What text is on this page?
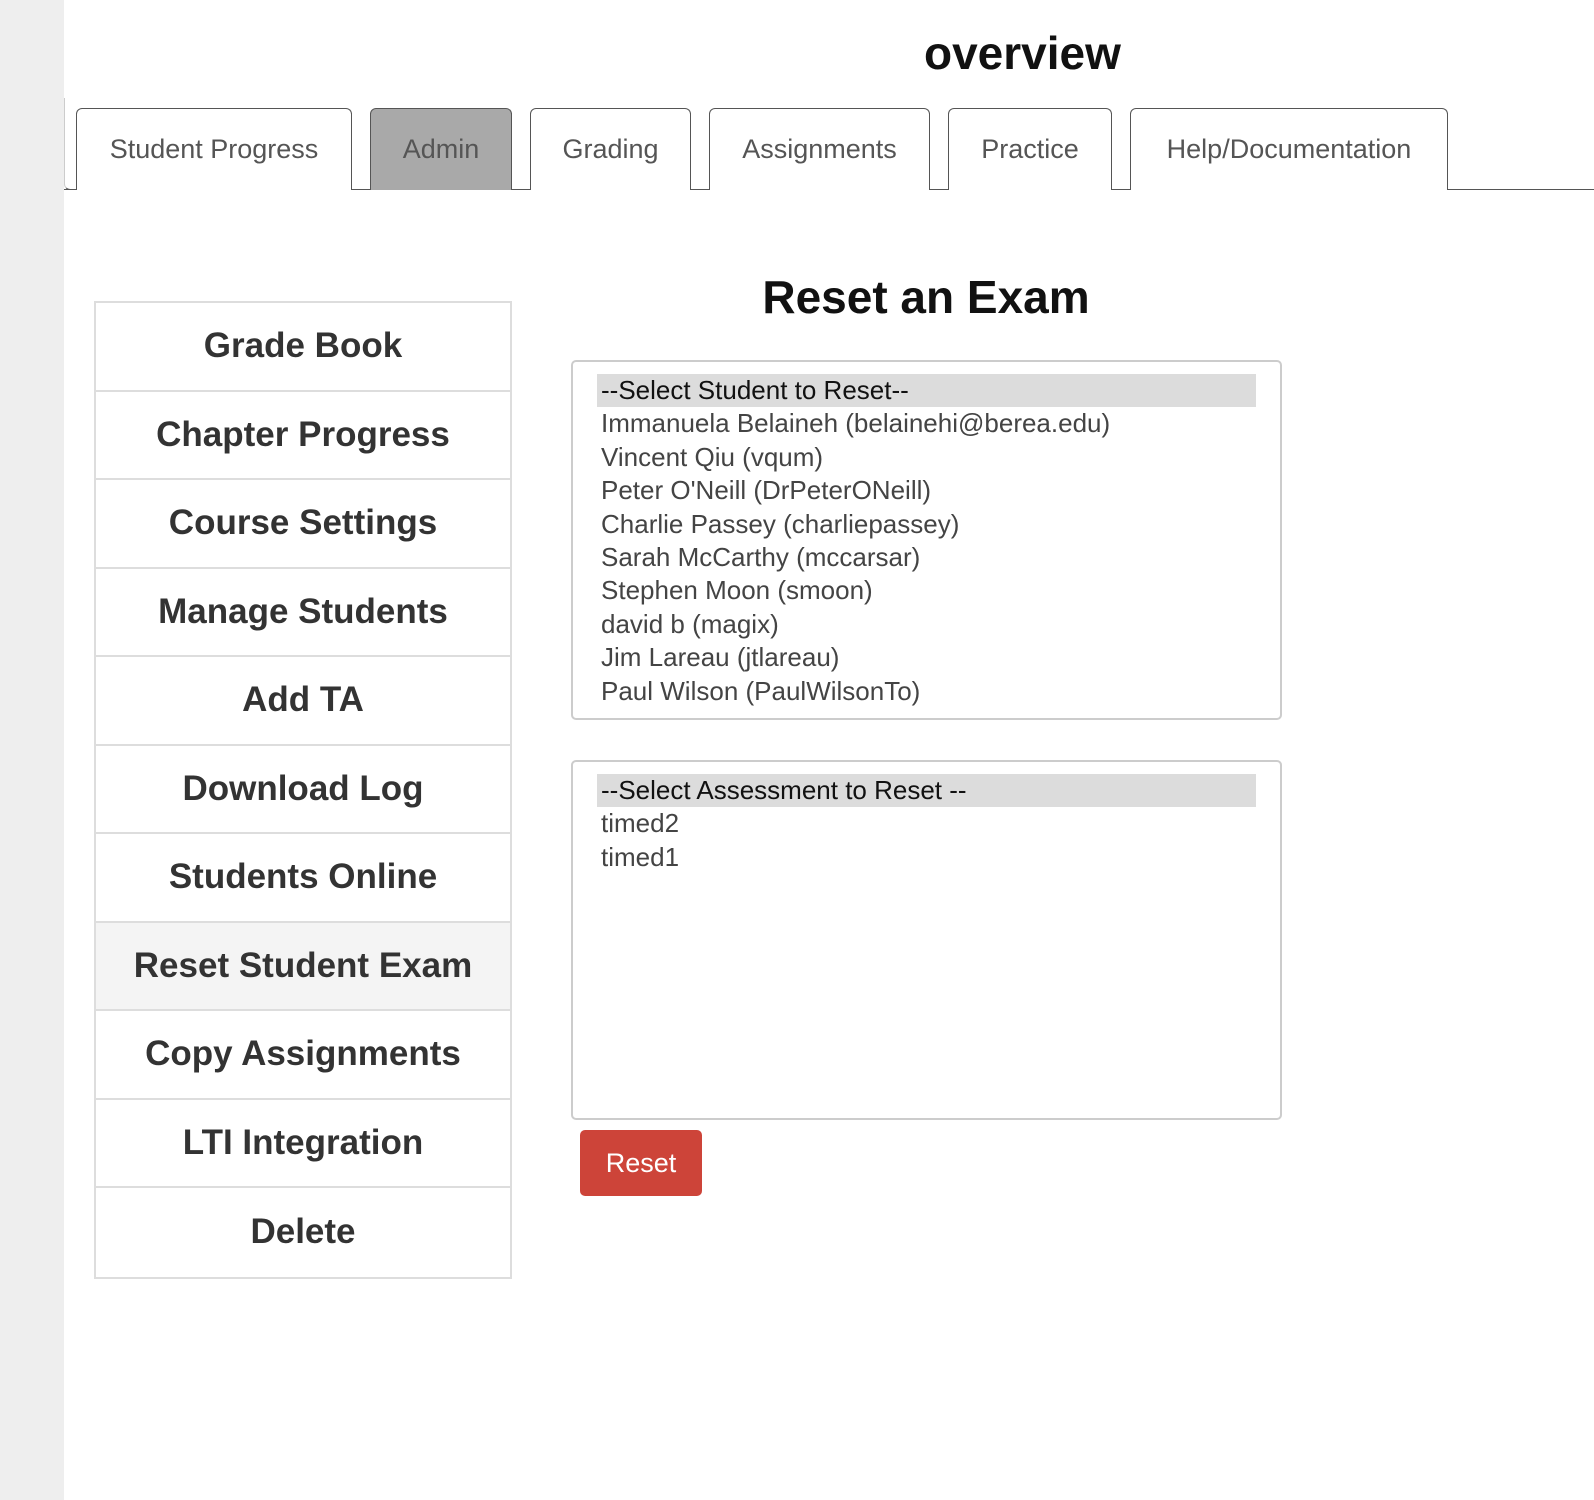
overview
Student Progress	Admin	Grading	Assignments	Practice	Help/Documentation
Grade Book
Chapter Progress
Course Settings
Manage Students
Add TA
Download Log
Students Online
Reset Student Exam
Copy Assignments
LTI Integration
Delete
Reset an Exam
--Select Student to Reset--
Immanuela Belaineh (belainehi@berea.edu)
Vincent Qiu (vqum)
Peter O'Neill (DrPeterONeill)
Charlie Passey (charliepassey)
Sarah McCarthy (mccarsar)
Stephen Moon (smoon)
david b (magix)
Jim Lareau (jtlareau)
Paul Wilson (PaulWilsonTo)
--Select Assessment to Reset --
timed2
timed1
Reset
